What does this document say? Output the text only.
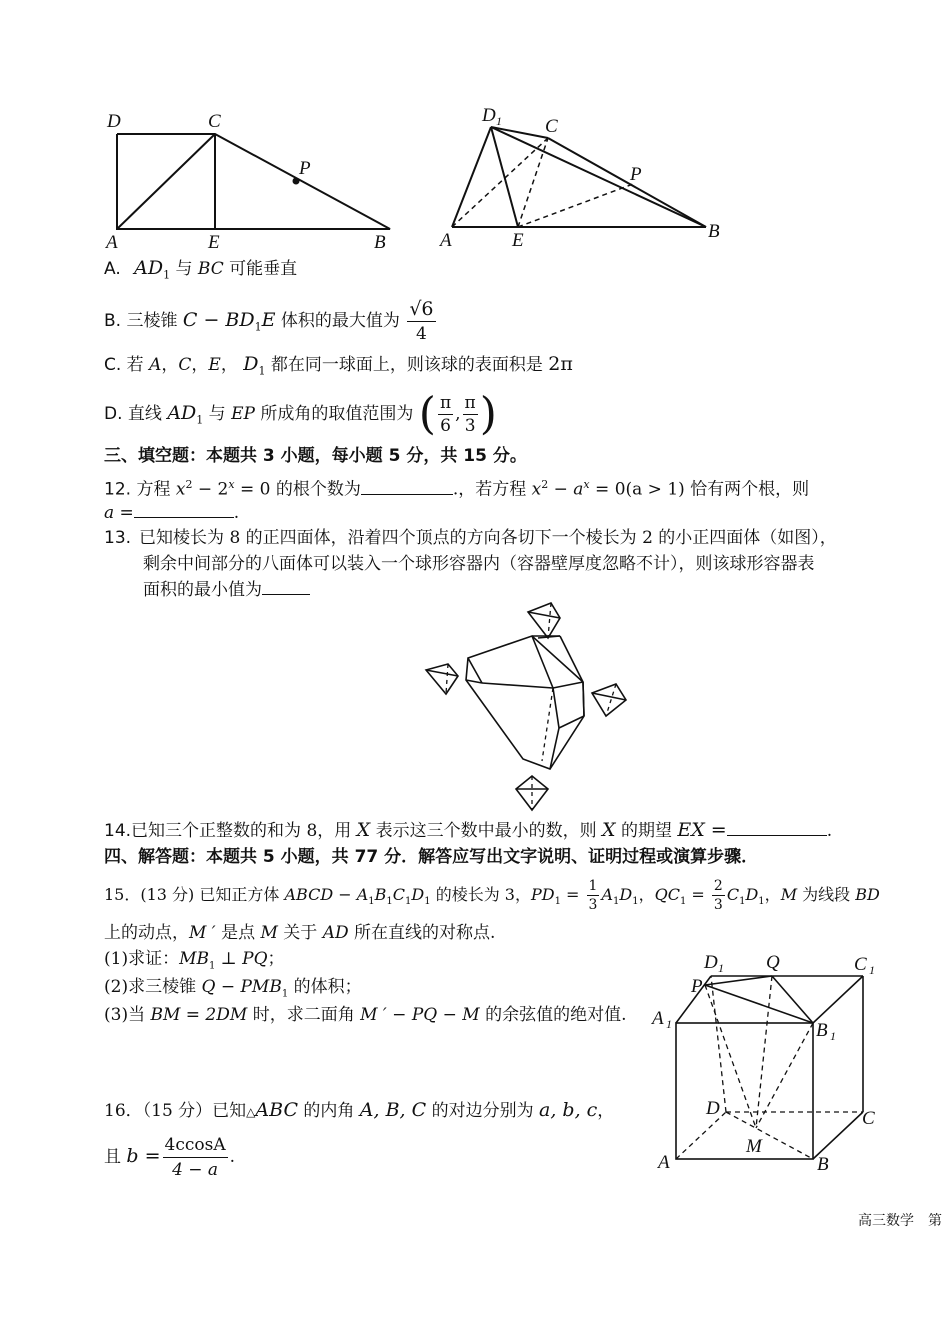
D	C
P
A	E	B
D 1 C
P
A	E	B
A. $AD_1$ 与 BC 可能垂直
B. 三棱锥 $C - BD_1E$ 体积的最大值为 $\frac{√6}{4}$
C. 若 A，C，E， $D_1$ 都在同一球面上，则该球的表面积是 2π
D. 直线 $AD_1$ 与 EP 所成角的取值范围为 ( $\frac{\pi}{6}$ , $\frac{\pi}{3}$ )
三、填空题：本题共 3 小题，每小题 5 分，共 15 分。
12. 方程 $x^2 - 2^x = 0$ 的根个数为	.，若方程 $x^2 - a^x = 0(a > 1)$ 恰有两个根，则
a =	.
13. 已知棱长为 8 的正四面体，沿着四个顶点的方向各切下一个棱长为 2 的小正四面体（如图），
剩余中间部分的八面体可以装入一个球形容器内（容器壁厚度忽略不计），则该球形容器表
面积的最小值为
14.已知三个正整数的和为 8，用 X 表示这三个数中最小的数，则 X 的期望 EX =	.
四、解答题：本题共 5 小题，共 77 分．解答应写出文字说明、证明过程或演算步骤．
15．(13 分) 已知正方体 ABCD − $A_1B_1C_1D_1$ 的棱长为 3，$PD_1 = \frac{1}{3} A_1D_1$，$QC_1 = \frac{2}{3} C_1D_1$，M 为线段 BD
上的动点，M ′ 是点 M 关于 AD 所在直线的对称点.
(1)求证：$MB_1$ ⊥ PQ；
(2)求三棱锥 $Q - PMB_1$ 的体积；
(3)当 BM = 2DM 时，求二面角 M ′ − PQ − M 的余弦值的绝对值.
D 1 Q	C 1
P
A 1	B 1
D	C
M
A	B
16．（15 分）已知△ABC 的内角 A, B, C 的对边分别为 a, b, c，
且 $b = \frac{4ccosA}{4 - a}$ .
高三数学　第
